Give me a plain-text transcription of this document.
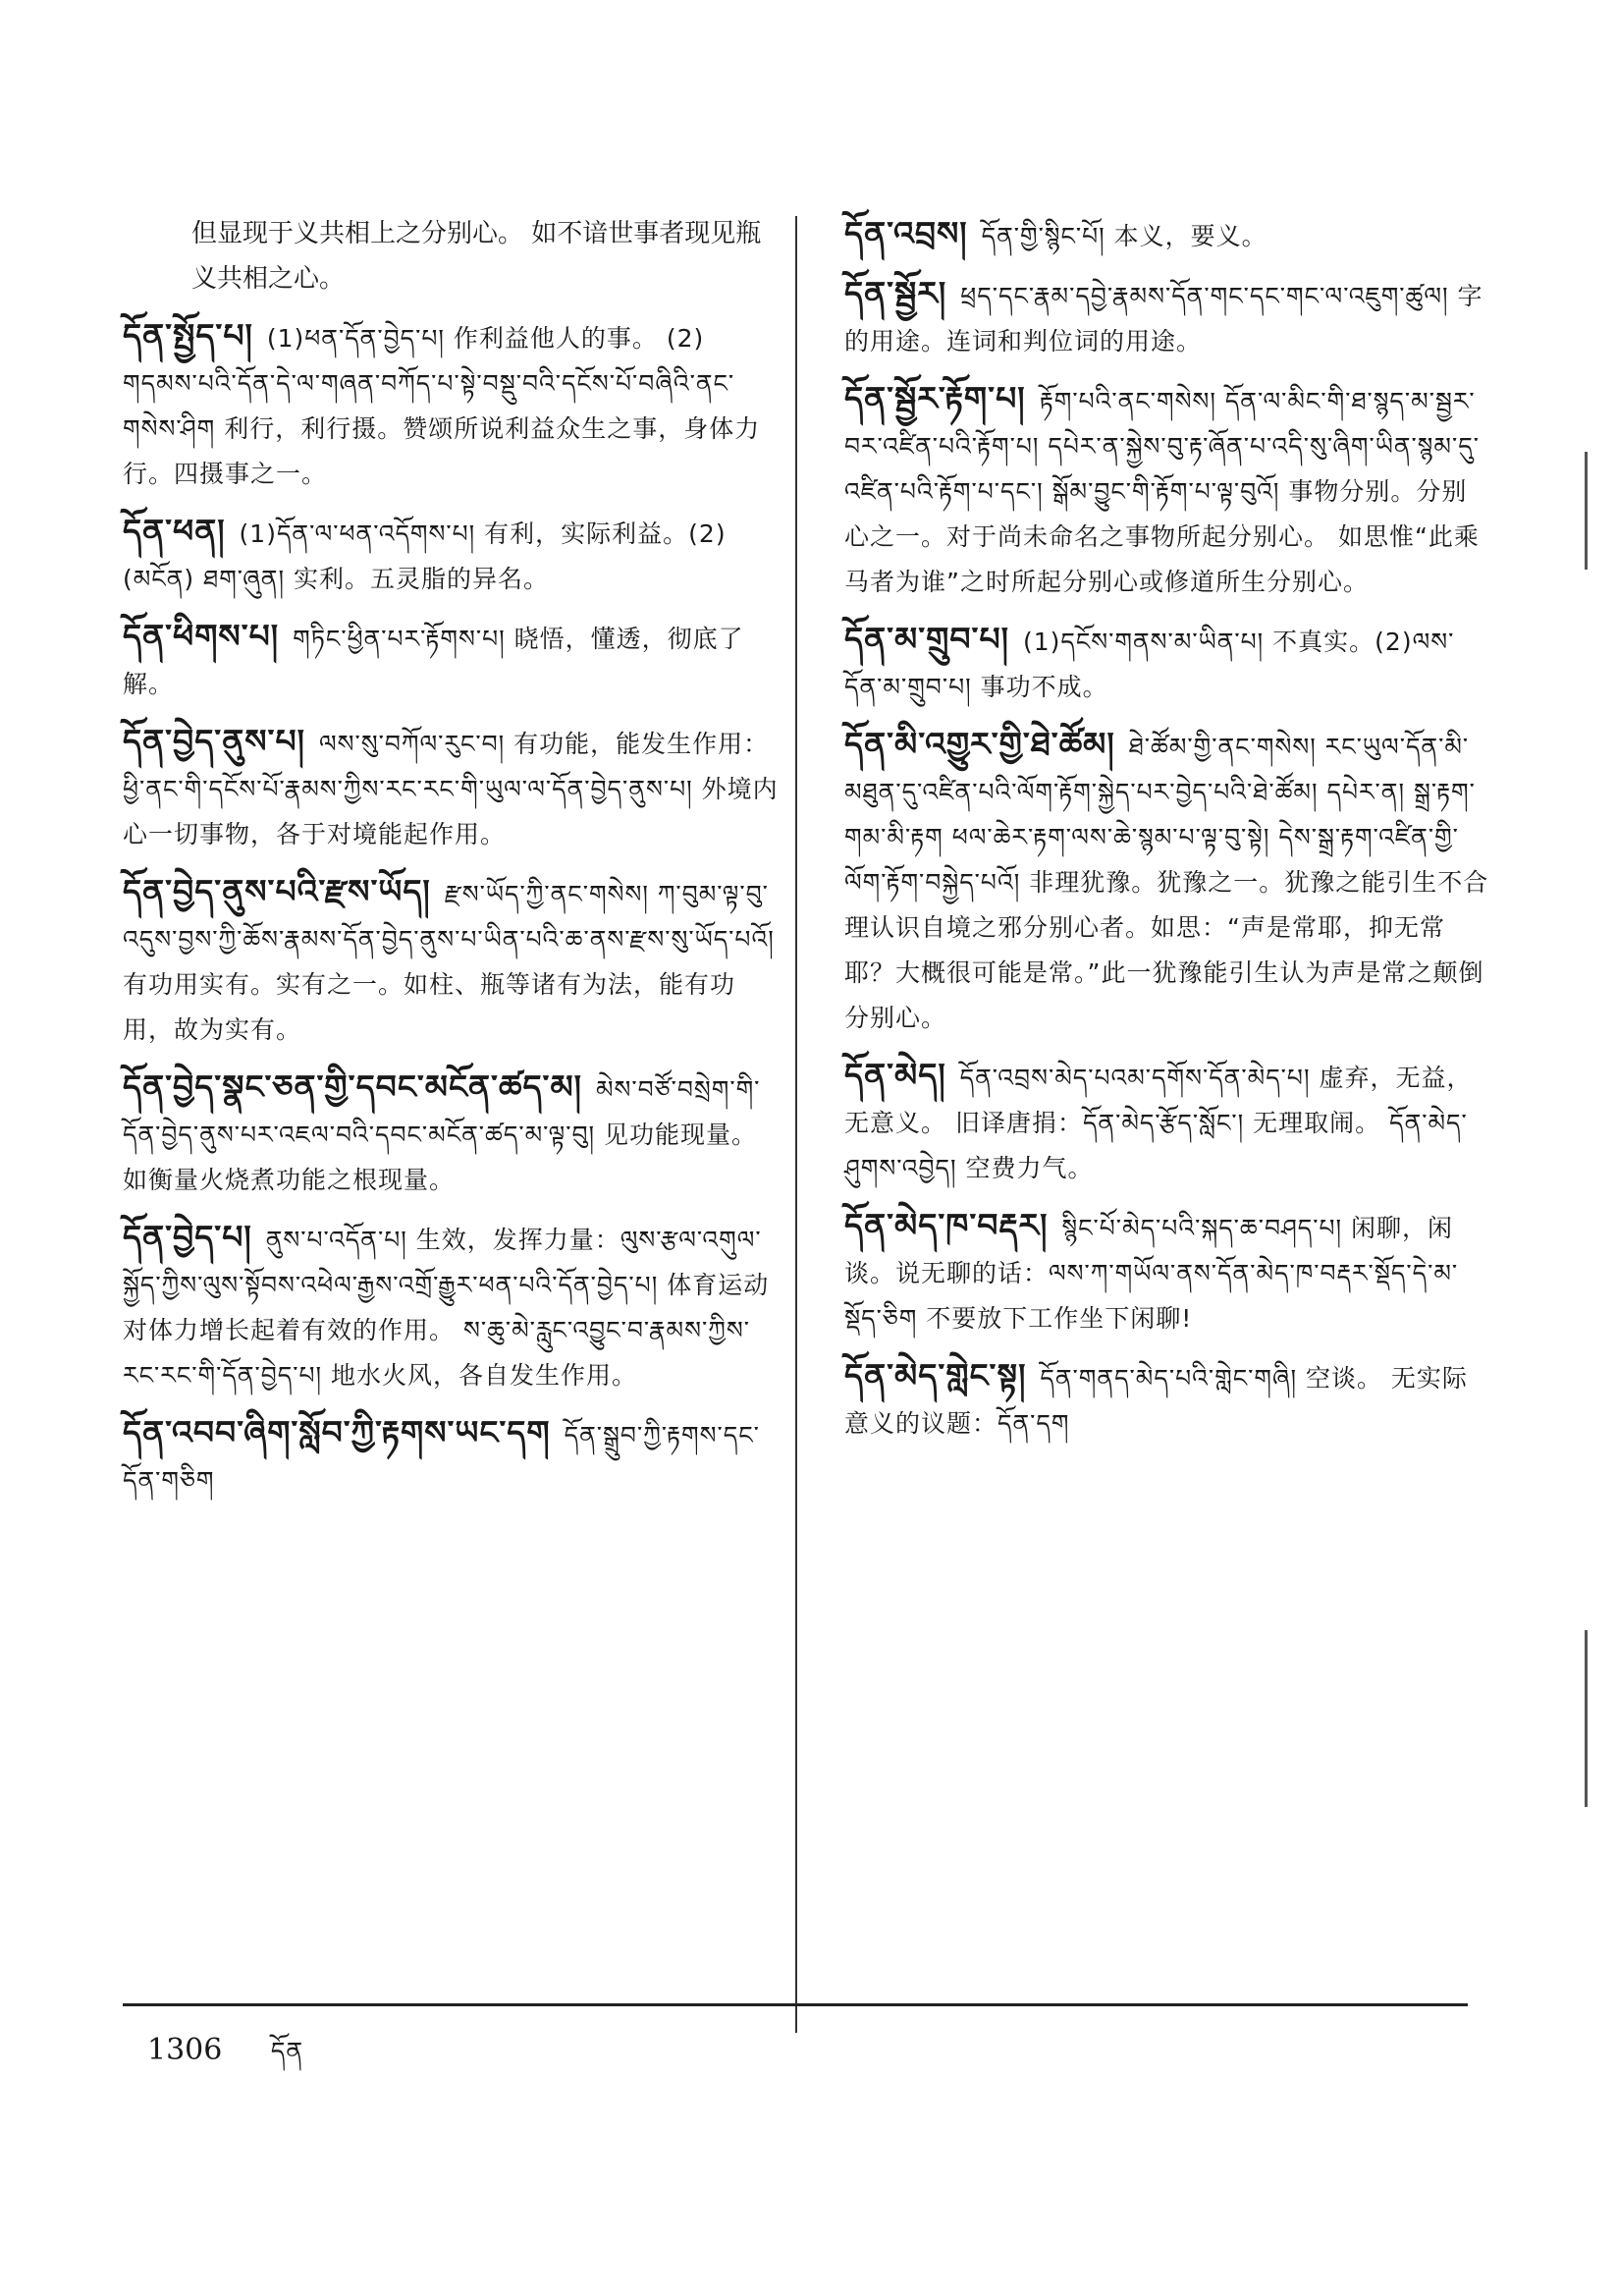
但显现于义共相上之分别心。 如不谙世事者现见瓶义共相之心。
དོན་སྤྱོད་པ། (1)ཕན་དོན་བྱེད་པ། 作利益他人的事。 (2) གདམས་པའི་དོན་དེ་ལ་གཞན་བཀོད་པ་སྟེ་བསྡུ་བའི་དངོས་པོ་བཞིའི་ནང་གསེས་ཤིག 利行，利行摄。赞颂所说利益众生之事，身体力行。四摄事之一。
དོན་ཕན། (1)དོན་ལ་ཕན་འདོགས་པ། 有利，实际利益。(2)(མངོན) ཐག་ཞུན། 实利。五灵脂的异名。
དོན་ཕིགས་པ། གཏིང་ཕྱིན་པར་རྟོགས་པ། 晓悟，懂透，彻底了解。
དོན་བྱེད་ནུས་པ། ལས་སུ་བཀོལ་རུང་བ། 有功能，能发生作用：ཕྱི་ནང་གི་དངོས་པོ་རྣམས་ཀྱིས་རང་རང་གི་ཡུལ་ལ་དོན་བྱེད་ནུས་པ། 外境内心一切事物，各于对境能起作用。
དོན་བྱེད་ནུས་པའི་རྫས་ཡོད། རྫས་ཡོད་ཀྱི་ནང་གསེས། ཀ་བུམ་ལྟ་བུ་འདུས་བྱས་ཀྱི་ཆོས་རྣམས་དོན་བྱེད་ནུས་པ་ཡིན་པའི་ཆ་ནས་རྫས་སུ་ཡོད་པའོ། 有功用实有。实有之一。如柱、瓶等诸有为法，能有功用，故为实有。
དོན་བྱེད་སྣང་ཅན་གྱི་དབང་མངོན་ཚད་མ། མེས་བཙོ་བསྲེག་གི་དོན་བྱེད་ནུས་པར་འཇལ་བའི་དབང་མངོན་ཚད་མ་ལྟ་བུ། 见功能现量。如衡量火烧煮功能之根现量。
དོན་བྱེད་པ། ནུས་པ་འདོན་པ། 生效，发挥力量：ལུས་རྩལ་འགུལ་སྐྱོད་ཀྱིས་ལུས་སྟོབས་འཕེལ་རྒྱས་འགྲོ་རྒྱུར་ཕན་པའི་དོན་བྱེད་པ། 体育运动对体力增长起着有效的作用。 ས་ཆུ་མེ་རླུང་འབྱུང་བ་རྣམས་ཀྱིས་རང་རང་གི་དོན་བྱེད་པ། 地水火风，各自发生作用。
དོན་འབབ་ཞིག་སློབ་ཀྱི་རྟགས་ཡང་དག དོན་སྒྲུབ་ཀྱི་རྟགས་དང་དོན་གཅིག
དོན་འབྲས། དོན་གྱི་སྙིང་པོ། 本义，要义。
དོན་སྦྱོར། ཕྲད་དང་རྣམ་དབྱེ་རྣམས་དོན་གང་དང་གང་ལ་འཇུག་ཚུལ། 字的用途。连词和判位词的用途。
དོན་སྦྱོར་རྟོག་པ། རྟོག་པའི་ནང་གསེས། དོན་ལ་མིང་གི་ཐ་སྙད་མ་སྦྱར་བར་འཛིན་པའི་རྟོག་པ། དཔེར་ན་སྐྱེས་བུ་རྟ་ཞོན་པ་འདི་སུ་ཞིག་ཡིན་སྙམ་དུ་འཛིན་པའི་རྟོག་པ་དང་། སྒོམ་བྱུང་གི་རྟོག་པ་ལྟ་བུའོ། 事物分别。分别心之一。对于尚未命名之事物所起分别心。 如思惟“此乘马者为谁”之时所起分别心或修道所生分别心。
དོན་མ་གྲུབ་པ། (1)དངོས་གནས་མ་ཡིན་པ། 不真实。(2)ལས་དོན་མ་གྲུབ་པ། 事功不成。
དོན་མི་འགྱུར་གྱི་ཐེ་ཚོམ། ཐེ་ཚོམ་གྱི་ནང་གསེས། རང་ཡུལ་དོན་མི་མཐུན་དུ་འཛིན་པའི་ལོག་རྟོག་སྐྱེད་པར་བྱེད་པའི་ཐེ་ཚོམ། དཔེར་ན། སྒྲ་རྟག་གམ་མི་རྟག ཕལ་ཆེར་རྟག་ལས་ཆེ་སྙམ་པ་ལྟ་བུ་སྟེ། དེས་སྒྲ་རྟག་འཛིན་གྱི་ལོག་རྟོག་བསྐྱེད་པའོ། 非理犹豫。犹豫之一。犹豫之能引生不合理认识自境之邪分别心者。如思：“声是常耶，抑无常耶？大概很可能是常。”此一犹豫能引生认为声是常之颠倒分别心。
དོན་མེད། དོན་འབྲས་མེད་པའམ་དགོས་དོན་མེད་པ། 虚弃，无益，无意义。 旧译唐捐：དོན་མེད་རྩོད་སློང་། 无理取闹。 དོན་མེད་ཤུགས་འབྱེད། 空费力气。
དོན་མེད་ཁ་བརྡར། སྙིང་པོ་མེད་པའི་སྐད་ཆ་བཤད་པ། 闲聊，闲谈。说无聊的话：ལས་ཀ་གཡོལ་ནས་དོན་མེད་ཁ་བརྡར་སྡོད་དེ་མ་སྡོད་ཅིག 不要放下工作坐下闲聊!
དོན་མེད་གླེང་སྟ། དོན་གནད་མེད་པའི་གླེང་གཞི། 空谈。 无实际意义的议题：དོན་དག
1306 དོན
